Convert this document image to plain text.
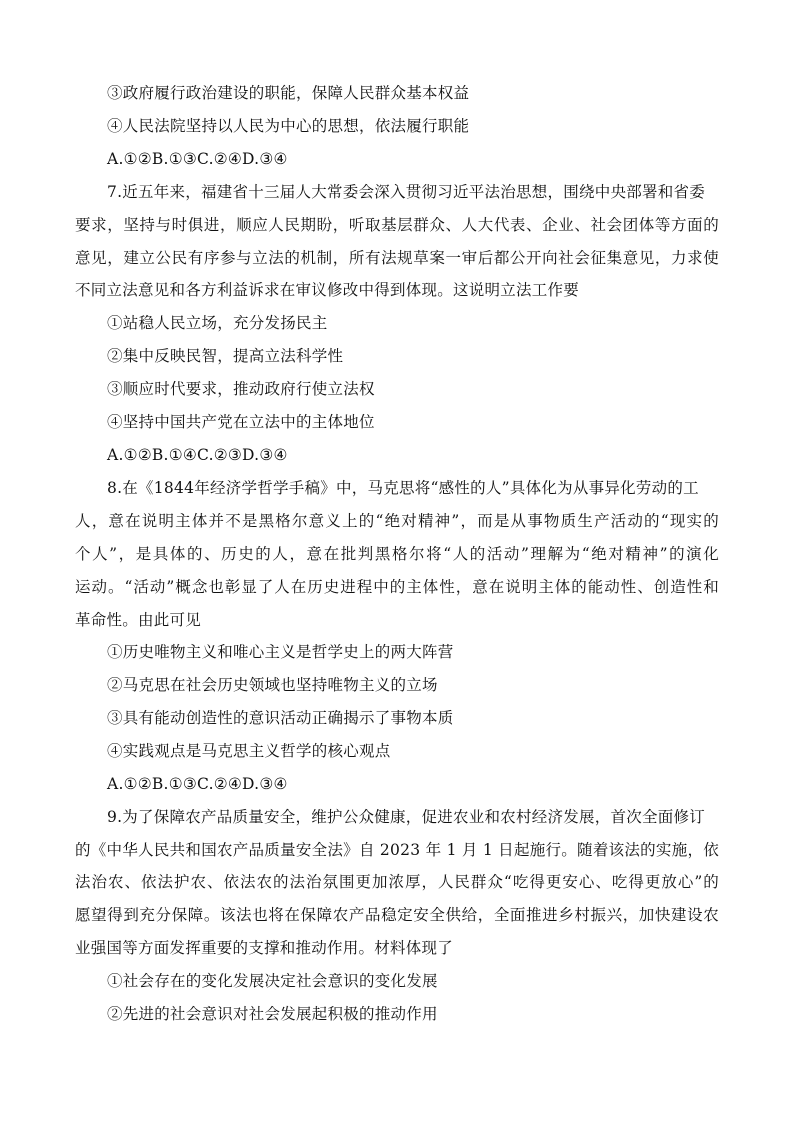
③政府履行政治建设的职能，保障人民群众基本权益
④人民法院坚持以人民为中心的思想，依法履行职能
A.①②B.①③C.②④D.③④
7.近五年来，福建省十三届人大常委会深入贯彻习近平法治思想，围绕中央部署和省委
要求，坚持与时俱进，顺应人民期盼，听取基层群众、人大代表、企业、社会团体等方面的
意见，建立公民有序参与立法的机制，所有法规草案一审后都公开向社会征集意见，力求使
不同立法意见和各方利益诉求在审议修改中得到体现。这说明立法工作要
①站稳人民立场，充分发扬民主
②集中反映民智，提高立法科学性
③顺应时代要求，推动政府行使立法权
④坚持中国共产党在立法中的主体地位
A.①②B.①④C.②③D.③④
8.在《1844年经济学哲学手稿》中，马克思将“感性的人”具体化为从事异化劳动的工
人，意在说明主体并不是黑格尔意义上的“绝对精神”，而是从事物质生产活动的“现实的
个人”，是具体的、历史的人，意在批判黑格尔将“人的活动”理解为“绝对精神”的演化
运动。“活动”概念也彰显了人在历史进程中的主体性，意在说明主体的能动性、创造性和
革命性。由此可见
①历史唯物主义和唯心主义是哲学史上的两大阵营
②马克思在社会历史领域也坚持唯物主义的立场
③具有能动创造性的意识活动正确揭示了事物本质
④实践观点是马克思主义哲学的核心观点
A.①②B.①③C.②④D.③④
9.为了保障农产品质量安全，维护公众健康，促进农业和农村经济发展，首次全面修订
的《中华人民共和国农产品质量安全法》自 2023 年 1 月 1 日起施行。随着该法的实施，依
法治农、依法护农、依法农的法治氛围更加浓厚，人民群众“吃得更安心、吃得更放心”的
愿望得到充分保障。该法也将在保障农产品稳定安全供给，全面推进乡村振兴，加快建设农
业强国等方面发挥重要的支撑和推动作用。材料体现了
①社会存在的变化发展决定社会意识的变化发展
②先进的社会意识对社会发展起积极的推动作用
